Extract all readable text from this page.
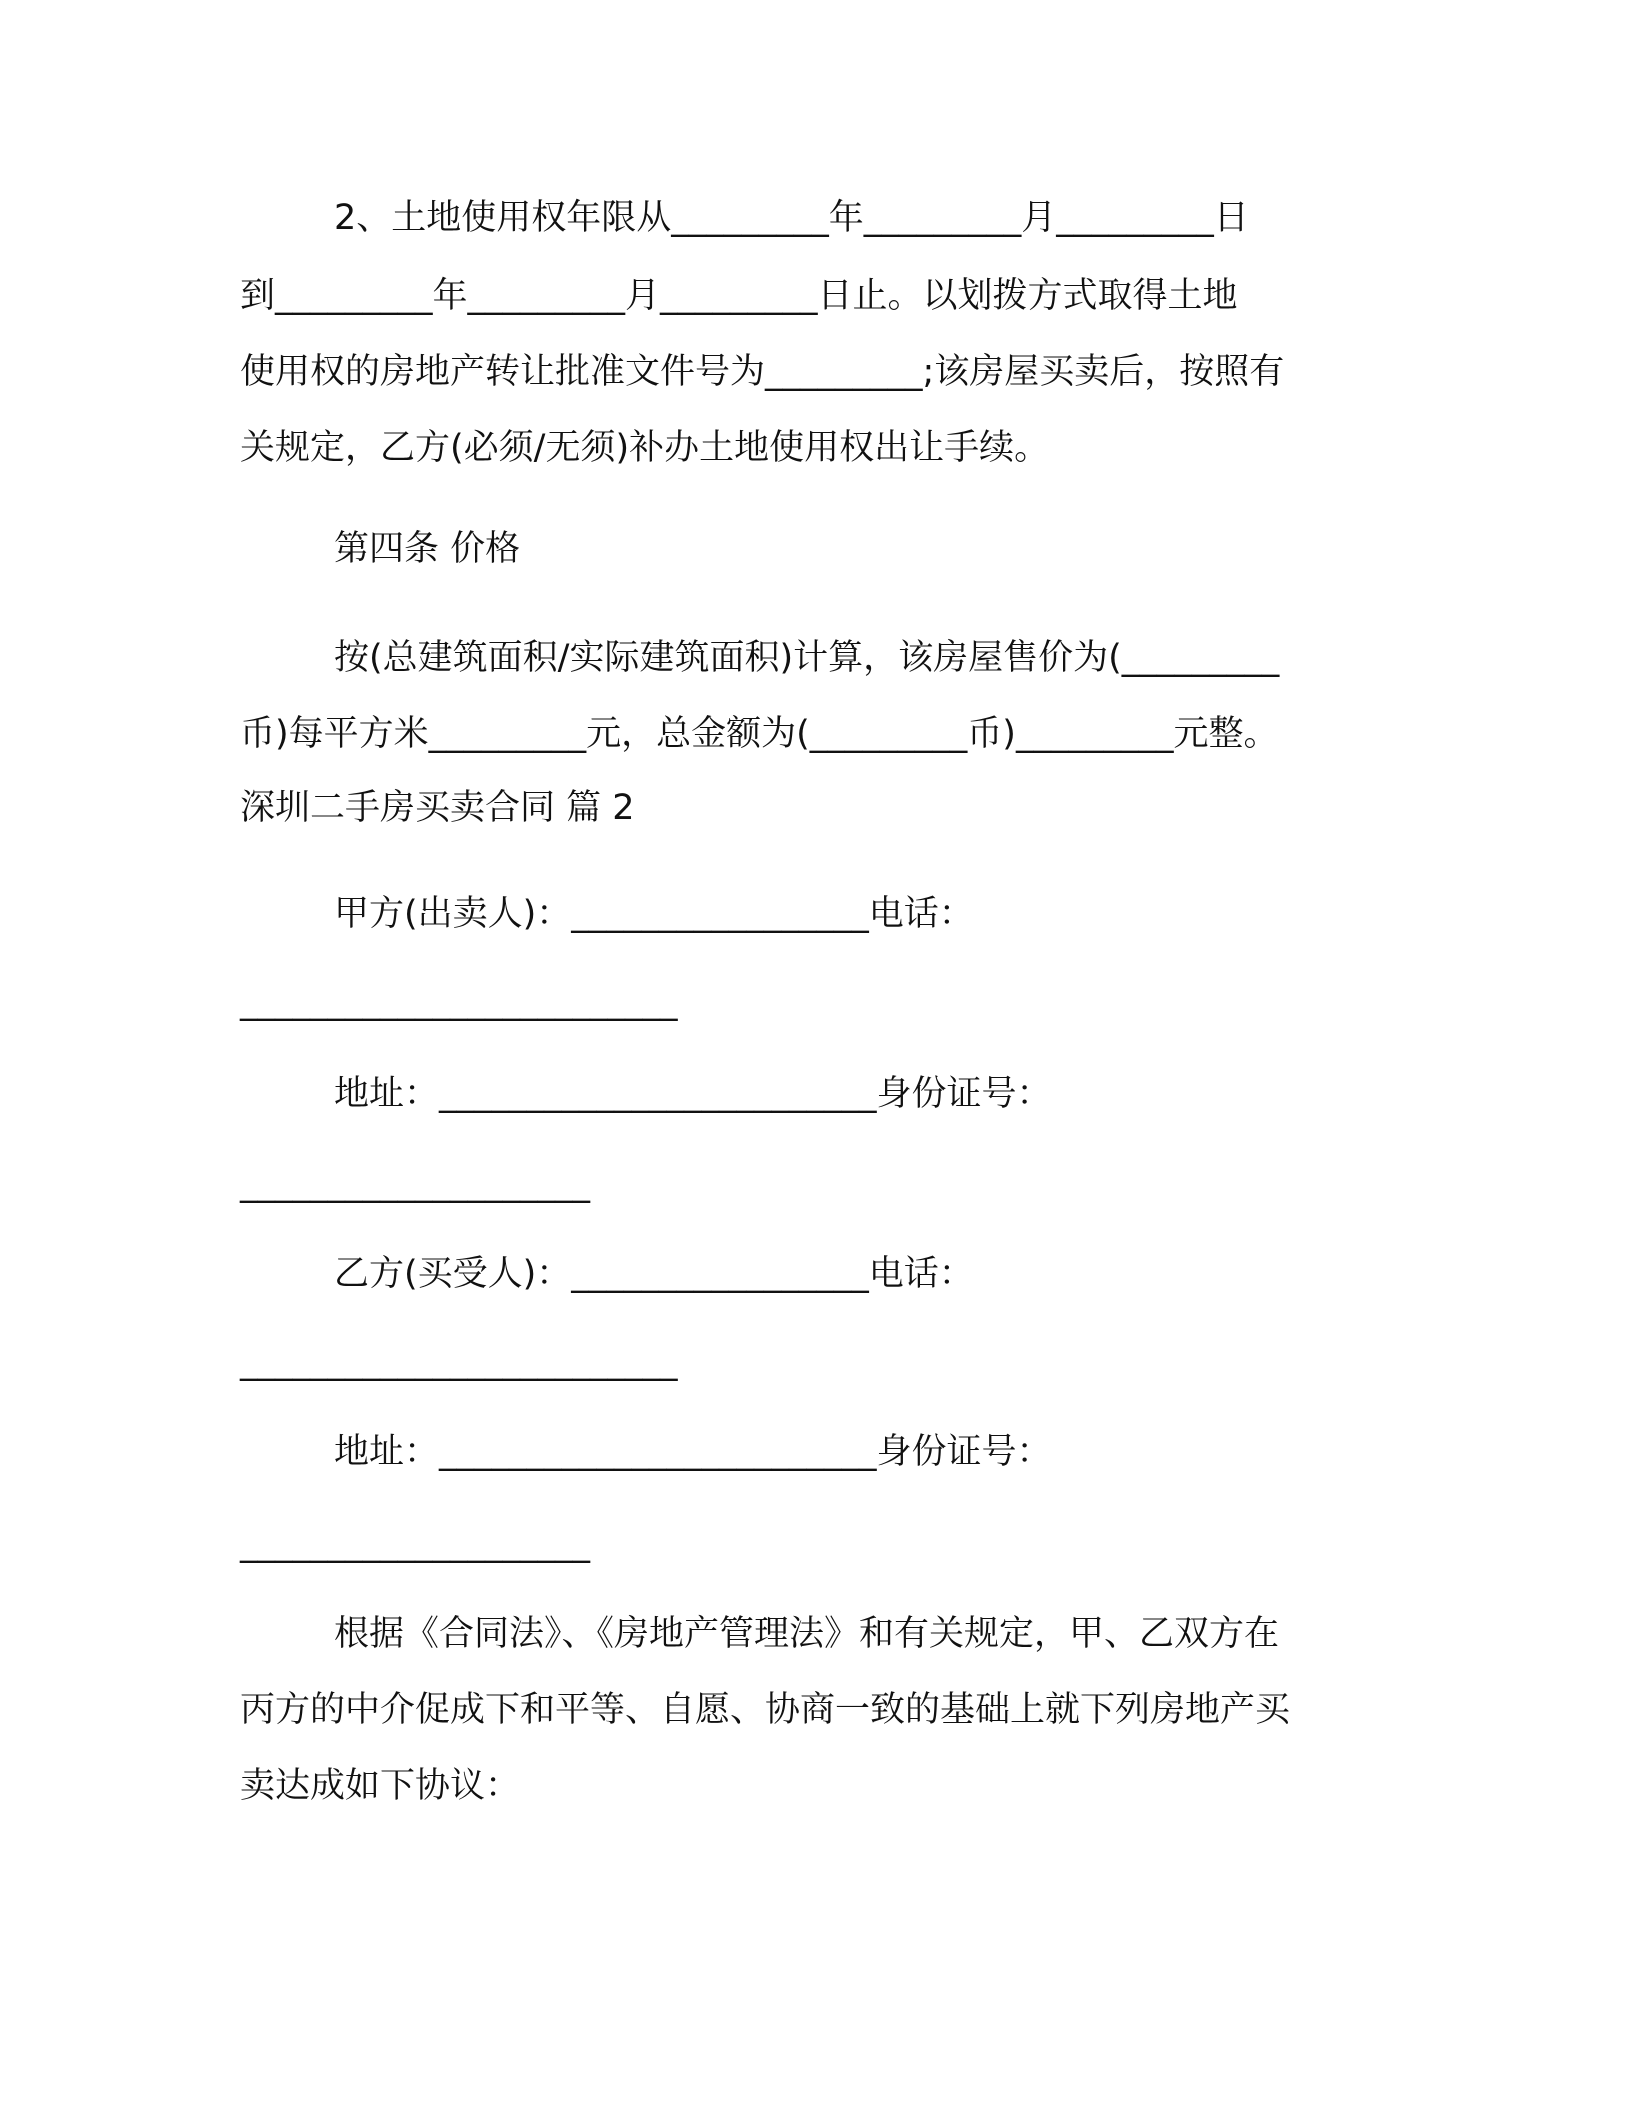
2、土地使用权年限从_________年_________月_________日
到_________年_________月_________日止。以划拨方式取得土地
使用权的房地产转让批准文件号为_________;该房屋买卖后，按照有
关规定，乙方(必须/无须)补办土地使用权出让手续。
第四条 价格
按(总建筑面积/实际建筑面积)计算，该房屋售价为(_________
币)每平方米_________元，总金额为(_________币)_________元整。
深圳二手房买卖合同 篇 2
甲方(出卖人)：_________________电话：
_________________________
地址：_________________________身份证号：
____________________
乙方(买受人)：_________________电话：
_________________________
地址：_________________________身份证号：
____________________
根据《合同法》、《房地产管理法》和有关规定，甲、乙双方在
丙方的中介促成下和平等、自愿、协商一致的基础上就下列房地产买
卖达成如下协议：
